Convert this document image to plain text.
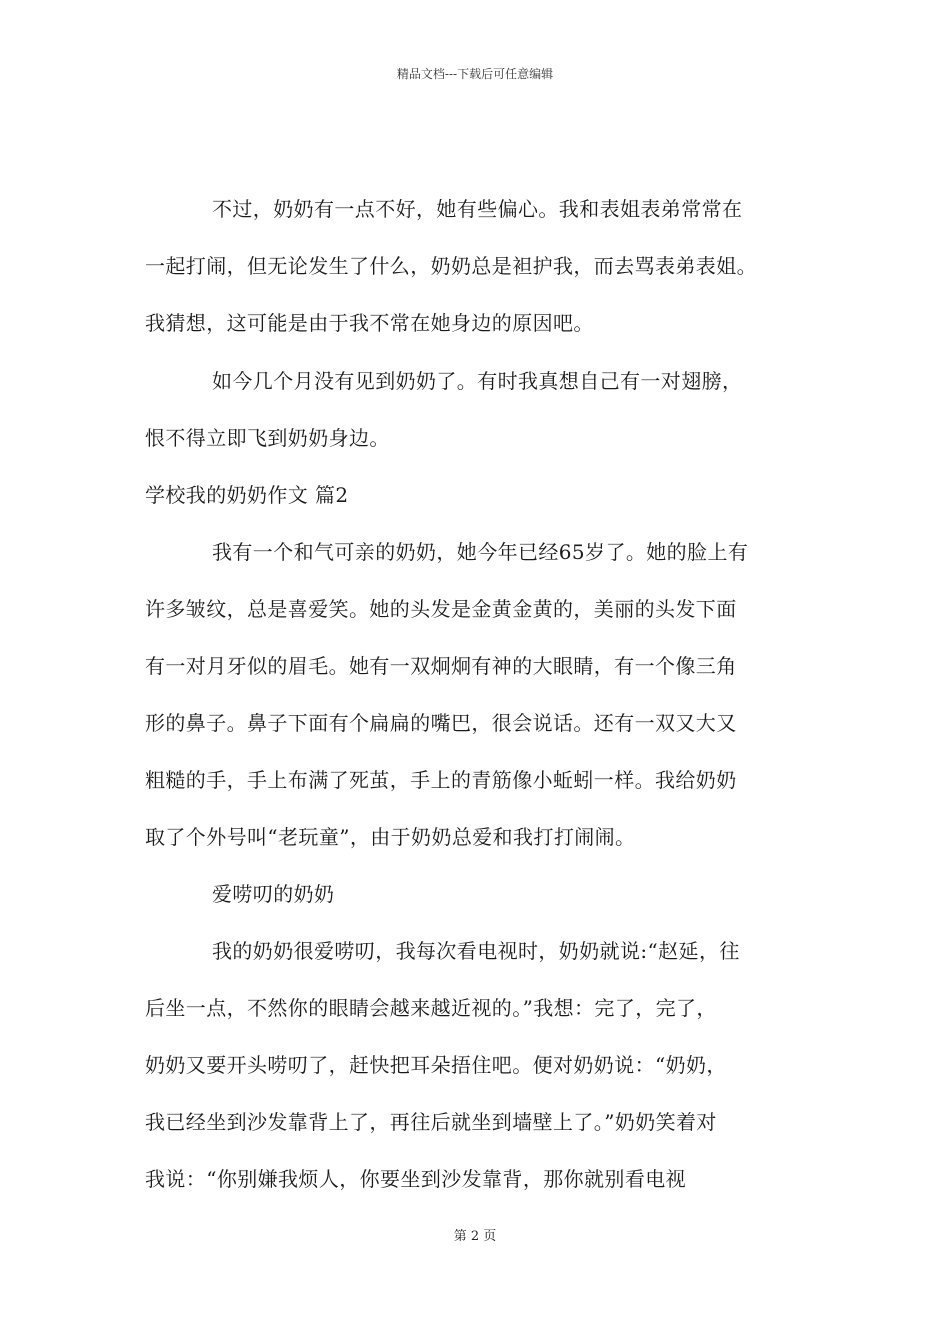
精品文档---下载后可任意编辑
不过，奶奶有一点不好，她有些偏心。我和表姐表弟常常在
一起打闹，但无论发生了什么，奶奶总是袒护我，而去骂表弟表姐。
我猜想，这可能是由于我不常在她身边的原因吧。
如今几个月没有见到奶奶了。有时我真想自己有一对翅膀，
恨不得立即飞到奶奶身边。
学校我的奶奶作文 篇2
我有一个和气可亲的奶奶，她今年已经65岁了。她的脸上有
许多皱纹，总是喜爱笑。她的头发是金黄金黄的，美丽的头发下面
有一对月牙似的眉毛。她有一双炯炯有神的大眼睛，有一个像三角
形的鼻子。鼻子下面有个扁扁的嘴巴，很会说话。还有一双又大又
粗糙的手，手上布满了死茧，手上的青筋像小蚯蚓一样。我给奶奶
取了个外号叫“老玩童”，由于奶奶总爱和我打打闹闹。
爱唠叨的奶奶
我的奶奶很爱唠叨，我每次看电视时，奶奶就说:“赵延，往
后坐一点，不然你的眼睛会越来越近视的。”我想：完了，完了，
奶奶又要开头唠叨了，赶快把耳朵捂住吧。便对奶奶说：“奶奶，
我已经坐到沙发靠背上了，再往后就坐到墙壁上了。”奶奶笑着对
我说：“你别嫌我烦人，你要坐到沙发靠背，那你就别看电视
第 2 页
